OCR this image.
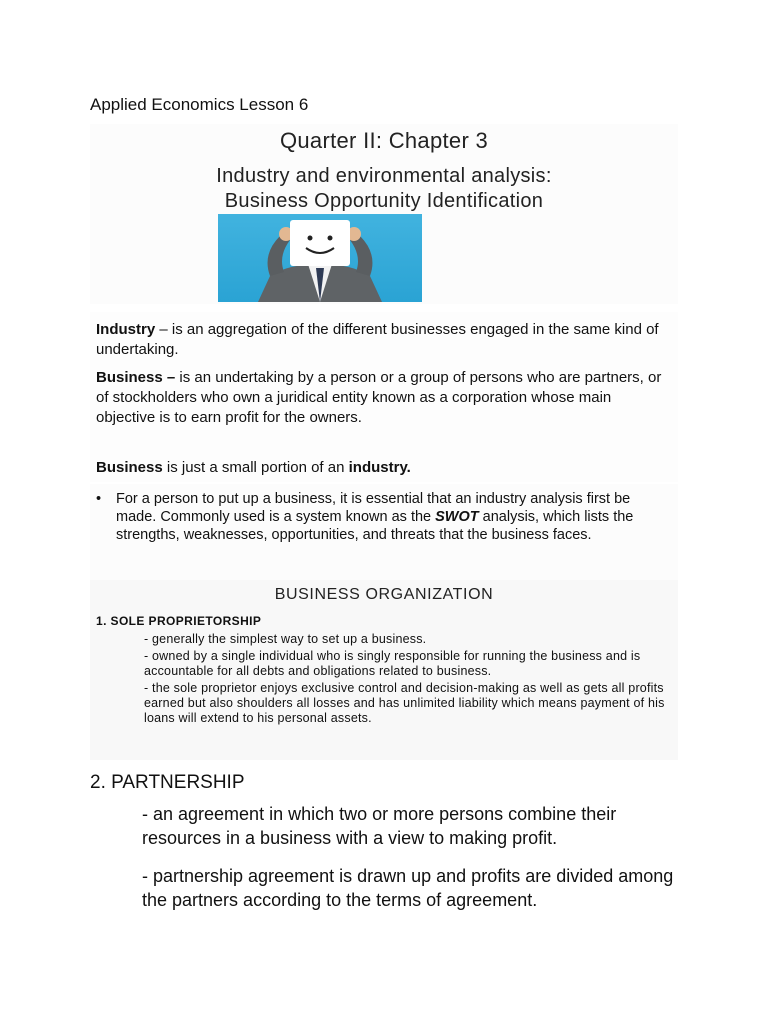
Applied Economics Lesson 6
Quarter II: Chapter 3
Industry and environmental analysis:
Business Opportunity Identification
Industry – is an aggregation of the different businesses engaged in the same kind of undertaking.
Business – is an undertaking by a person or a group of persons who are partners, or of stockholders who own a juridical entity known as a corporation whose main objective is to earn profit for the owners.
Business is just a small portion of an industry.
• For a person to put up a business, it is essential that an industry analysis first be made. Commonly used is a system known as the SWOT analysis, which lists the strengths, weaknesses, opportunities, and threats that the business faces.
BUSINESS ORGANIZATION
1. SOLE PROPRIETORSHIP
- generally the simplest way to set up a business.
- owned by a single individual who is singly responsible for running the business and is accountable for all debts and obligations related to business.
- the sole proprietor enjoys exclusive control and decision-making as well as gets all profits earned but also shoulders all losses and has unlimited liability which means payment of his loans will extend to his personal assets.
2. PARTNERSHIP
- an agreement in which two or more persons combine their resources in a business with a view to making profit.
- partnership agreement is drawn up and profits are divided among the partners according to the terms of agreement.
